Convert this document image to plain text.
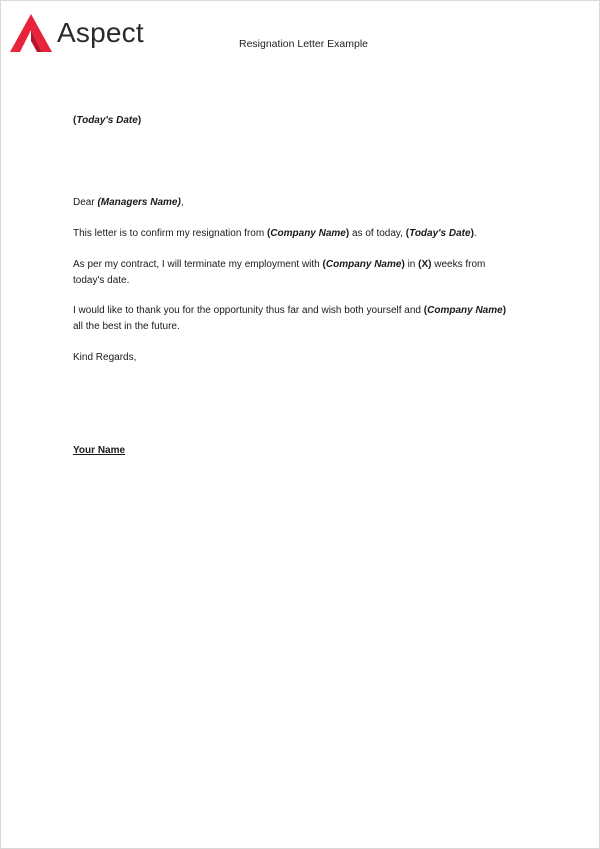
Aspect	Resignation Letter Example
(Today's Date)
Dear (Managers Name),
This letter is to confirm my resignation from (Company Name) as of today, (Today's Date).
As per my contract, I will terminate my employment with (Company Name) in (X) weeks from
today's date.
I would like to thank you for the opportunity thus far and wish both yourself and (Company Name)
all the best in the future.
Kind Regards,
Your Name
